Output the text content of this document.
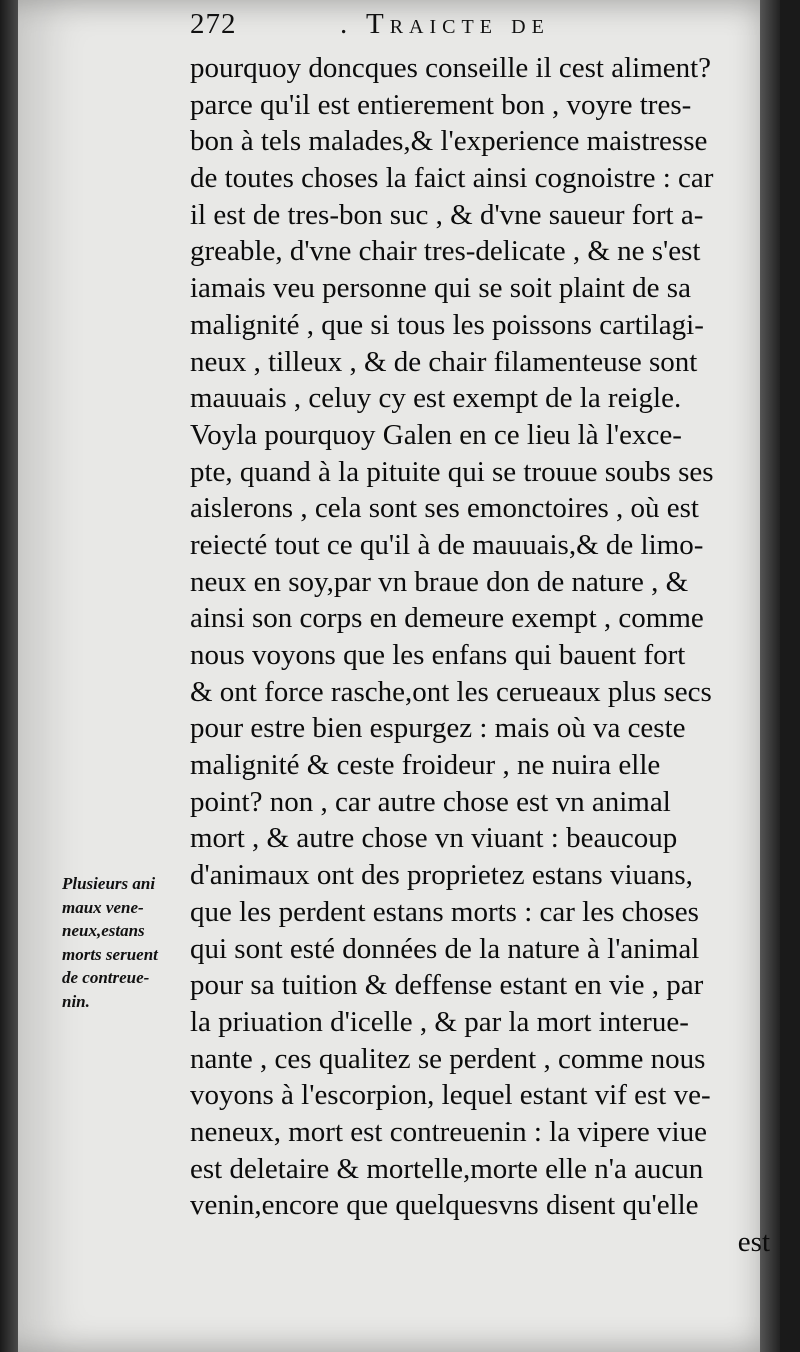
272	. Traicte de
pourquoy doncques conseille il cest aliment?
parce qu'il est entierement bon , voyre tres-
bon à tels malades,& l'experience maistresse
de toutes choses la faict ainsi cognoistre : car
il est de tres-bon suc , & d'vne saueur fort a-
greable, d'vne chair tres-delicate , & ne s'est
iamais veu personne qui se soit plaint de sa
malignité , que si tous les poissons cartilagi-
neux , tilleux , & de chair filamenteuse sont
mauuais , celuy cy est exempt de la reigle.
Voyla pourquoy Galen en ce lieu là l'exce-
pte, quand à la pituite qui se trouue soubs ses
aislerons , cela sont ses emonctoires , où est
reiecté tout ce qu'il à de mauuais,& de limo-
neux en soy,par vn braue don de nature , &
ainsi son corps en demeure exempt , comme
nous voyons que les enfans qui bauent fort
& ont force rasche,ont les cerueaux plus secs
pour estre bien espurgez : mais où va ceste
malignité & ceste froideur , ne nuira elle
point? non , car autre chose est vn animal
mort , & autre chose vn viuant : beaucoup
d'animaux ont des proprietez estans viuans,
que les perdent estans morts : car les choses
qui sont esté données de la nature à l'animal
pour sa tuition & deffense estant en vie , par
la priuation d'icelle , & par la mort interue-
nante , ces qualitez se perdent , comme nous
voyons à l'escorpion, lequel estant vif est ve-
neneux, mort est contreuenin : la vipere viue
est deletaire & mortelle,morte elle n'a aucun
venin,encore que quelquesvns disent qu'elle
est
Plusieurs ani
maux vene-
neux,estans
morts seruent
de contreue-
nin.
